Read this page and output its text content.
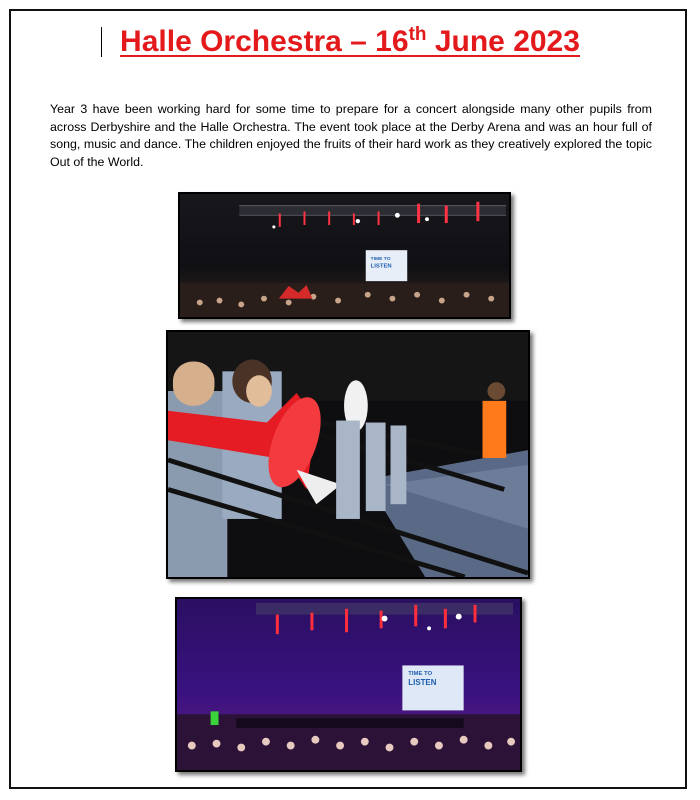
Halle Orchestra – 16th June 2023
Year 3 have been working hard for some time to prepare for a concert alongside many other pupils from across Derbyshire and the Halle Orchestra. The event took place at the Derby Arena and was an hour full of song, music and dance. The children enjoyed the fruits of their hard work as they creatively explored the topic Out of the World.
TIME TO
LISTEN
TIME TO
LISTEN
